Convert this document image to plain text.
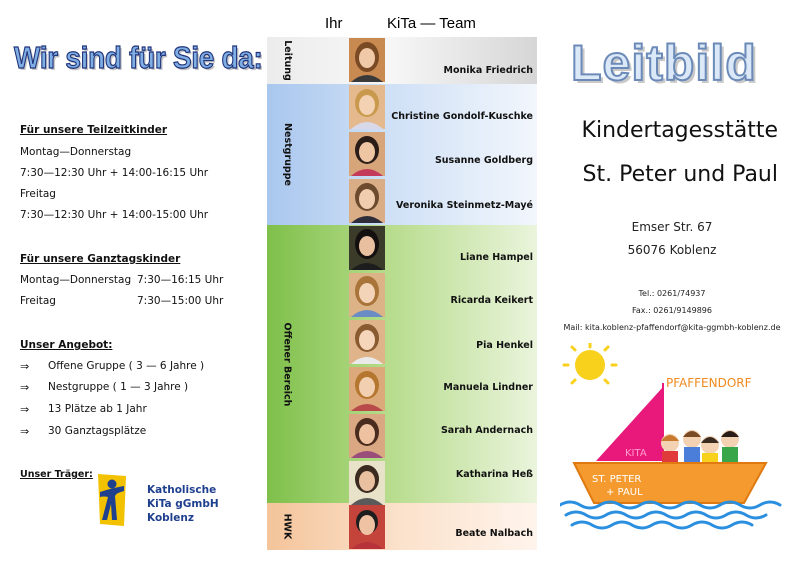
Wir sind für Sie da:
Für unsere Teilzeitkinder
Montag—Donnerstag
7:30—12:30 Uhr + 14:00-16:15 Uhr
Freitag
7:30—12:30 Uhr + 14:00-15:00 Uhr
Für unsere Ganztagskinder
Montag—Donnerstag 7:30—16:15 Uhr
Freitag	7:30—15:00 Uhr
Unser Angebot:
⇒ Offene Gruppe ( 3 — 6 Jahre )
⇒ Nestgruppe ( 1 — 3 Jahre )
⇒ 13 Plätze ab 1 Jahr
⇒ 30 Ganztagsplätze
Unser Träger:
Katholische
KiTa gGmbH
Koblenz
Ihr	KiTa — Team
Leitung
Nestgruppe
Offener Bereich
HWK
Monika Friedrich
Christine Gondolf-Kuschke
Susanne Goldberg
Veronika Steinmetz-Mayé
Liane Hampel
Ricarda Keikert
Pia Henkel
Manuela Lindner
Sarah Andernach
Katharina Heß
Beate Nalbach
Leitbild
Kindertagesstätte
St. Peter und Paul
Emser Str. 67
56076 Koblenz
Tel.: 0261/74937
Fax.: 0261/9149896
Mail: kita.koblenz-pfaffendorf@kita-ggmbh-koblenz.de
KITA
PFAFFENDORF
ST. PETER
+ PAUL
